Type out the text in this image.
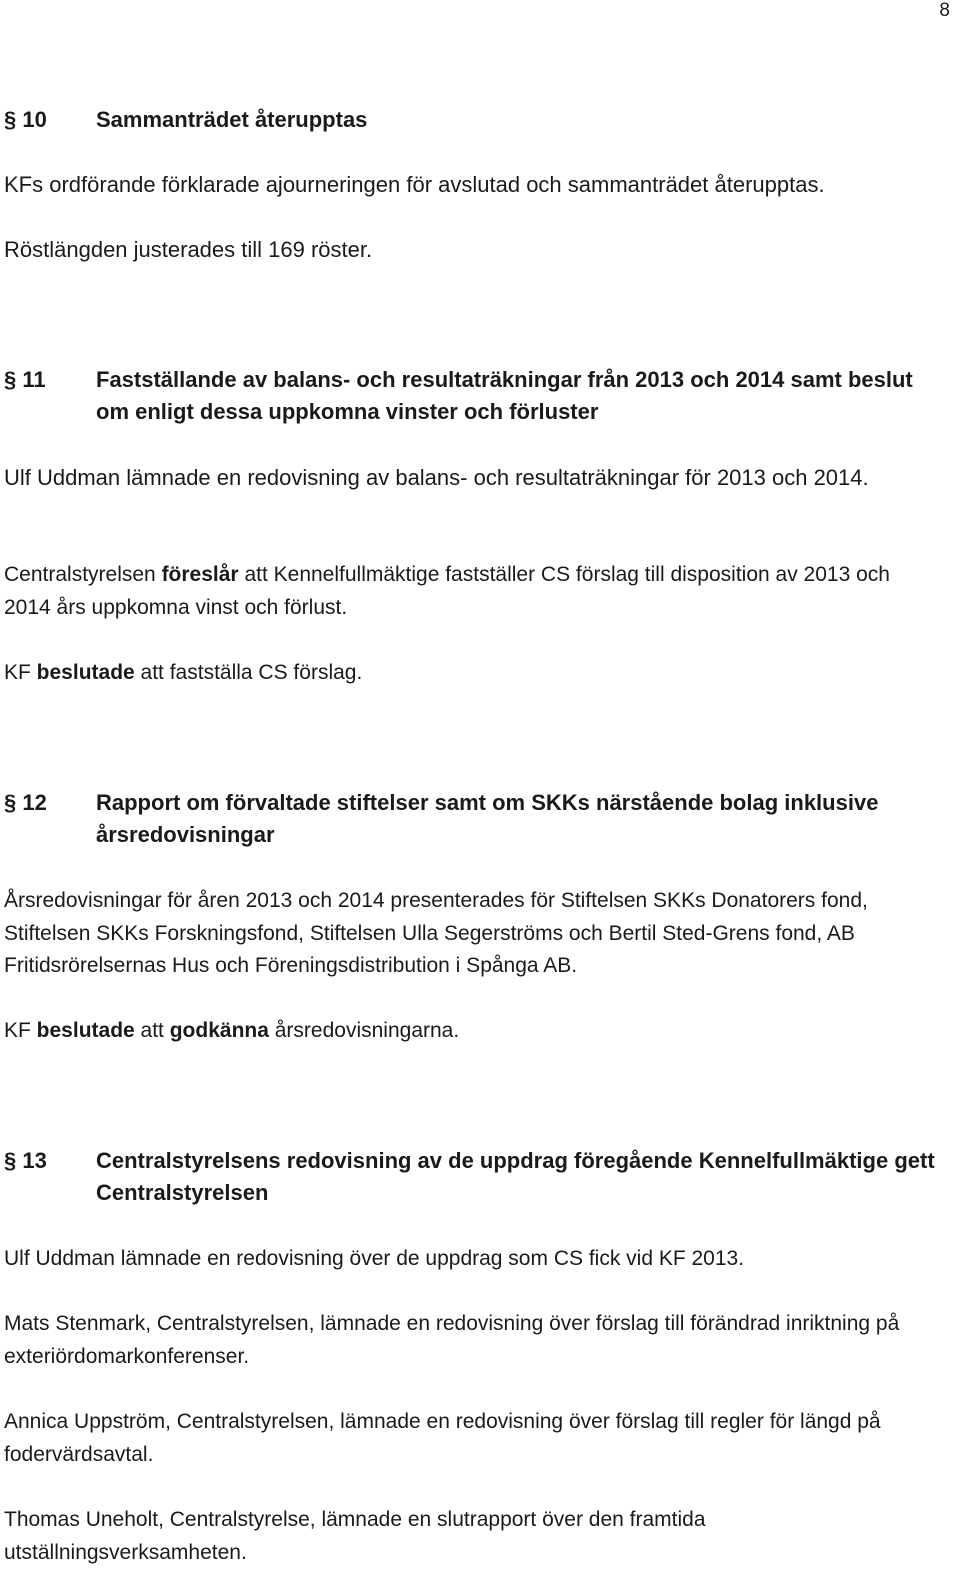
8
§ 10	Sammanträdet återupptas
KFs ordförande förklarade ajourneringen för avslutad och sammanträdet återupptas.
Röstlängden justerades till 169 röster.
§ 11	Fastställande av balans- och resultaträkningar från 2013 och 2014 samt beslut om enligt dessa uppkomna vinster och förluster
Ulf Uddman lämnade en redovisning av balans- och resultaträkningar för 2013 och 2014.
Centralstyrelsen föreslår att Kennelfullmäktige fastställer CS förslag till disposition av 2013 och 2014 års uppkomna vinst och förlust.
KF beslutade att fastställa CS förslag.
§ 12	Rapport om förvaltade stiftelser samt om SKKs närstående bolag inklusive årsredovisningar
Årsredovisningar för åren 2013 och 2014 presenterades för Stiftelsen SKKs Donatorers fond, Stiftelsen SKKs Forskningsfond, Stiftelsen Ulla Segerströms och Bertil Sted-Grens fond, AB Fritidsrörelsernas Hus och Föreningsdistribution i Spånga AB.
KF beslutade att godkänna årsredovisningarna.
§ 13	Centralstyrelsens redovisning av de uppdrag föregående Kennelfullmäktige gett Centralstyrelsen
Ulf Uddman lämnade en redovisning över de uppdrag som CS fick vid KF 2013.
Mats Stenmark, Centralstyrelsen, lämnade en redovisning över förslag till förändrad inriktning på exteriördomarkonferenser.
Annica Uppström, Centralstyrelsen, lämnade en redovisning över förslag till regler för längd på fodervärdsavtal.
Thomas Uneholt, Centralstyrelse, lämnade en slutrapport över den framtida utställningsverksamheten.
